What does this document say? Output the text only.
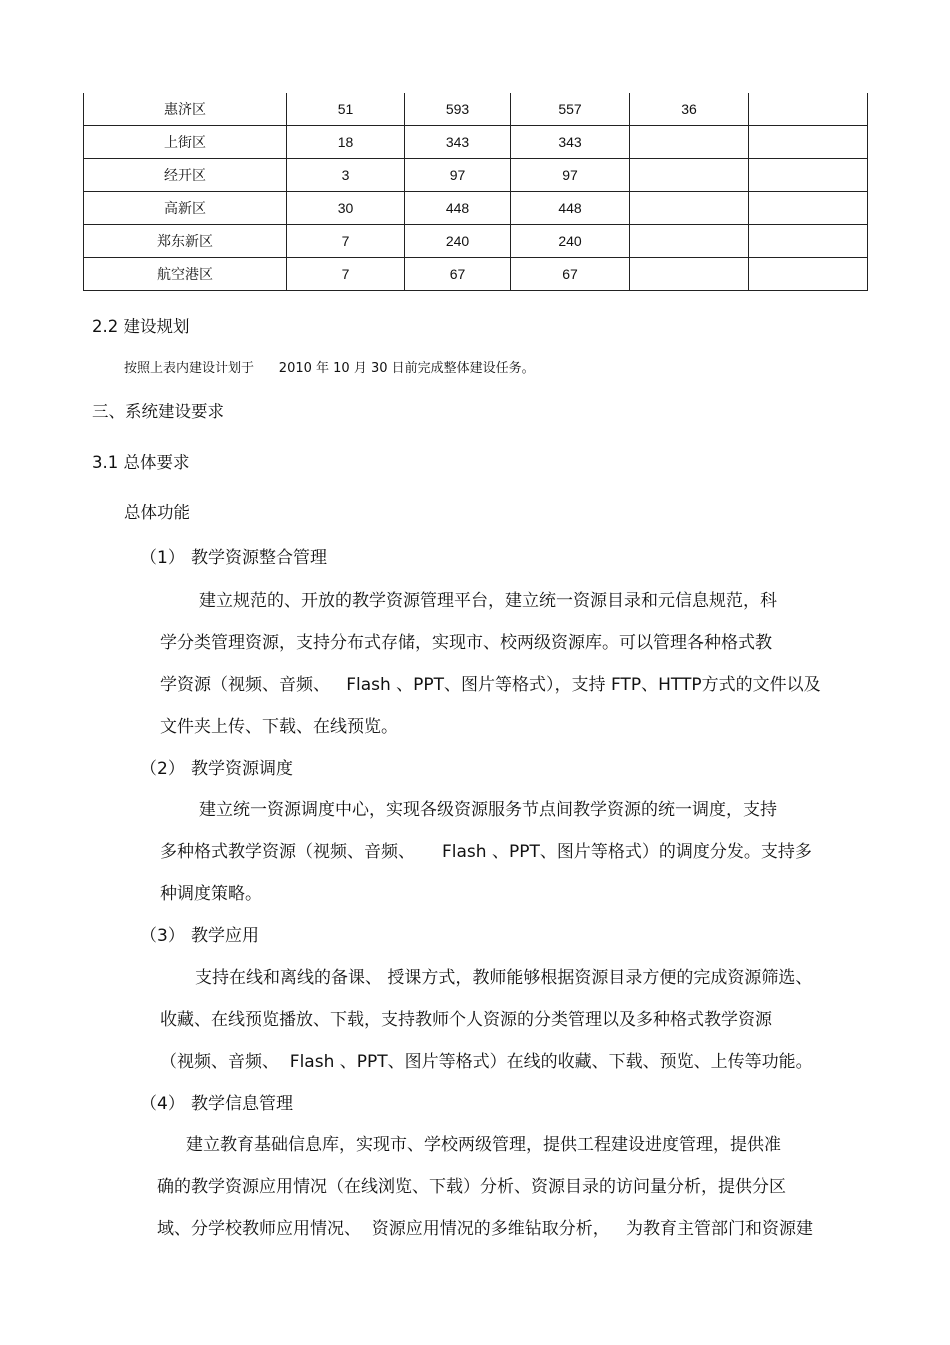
惠济区	51	593	557	36	
上街区	18	343	343		
经开区	3	97	97		
高新区	30	448	448		
郑东新区	7	240	240		
航空港区	7	67	67		
2.2 建设规划
按照上表内建设计划于      2010 年 10 月 30 日前完成整体建设任务。
三、系统建设要求
3.1 总体要求
总体功能
（1） 教学资源整合管理
建立规范的、开放的教学资源管理平台，建立统一资源目录和元信息规范，科
学分类管理资源，支持分布式存储，实现市、校两级资源库。可以管理各种格式教
学资源（视频、音频、   Flash 、PPT、图片等格式），支持 FTP、HTTP方式的文件以及
文件夹上传、下载、在线预览。
（2） 教学资源调度
建立统一资源调度中心，实现各级资源服务节点间教学资源的统一调度，支持
多种格式教学资源（视频、音频、     Flash 、PPT、图片等格式）的调度分发。支持多
种调度策略。
（3） 教学应用
支持在线和离线的备课、 授课方式，教师能够根据资源目录方便的完成资源筛选、
收藏、在线预览播放、下载，支持教师个人资源的分类管理以及多种格式教学资源
（视频、音频、  Flash 、PPT、图片等格式）在线的收藏、下载、预览、上传等功能。
（4） 教学信息管理
建立教育基础信息库，实现市、学校两级管理，提供工程建设进度管理，提供准
确的教学资源应用情况（在线浏览、下载）分析、资源目录的访问量分析，提供分区
域、分学校教师应用情况、  资源应用情况的多维钻取分析，   为教育主管部门和资源建
